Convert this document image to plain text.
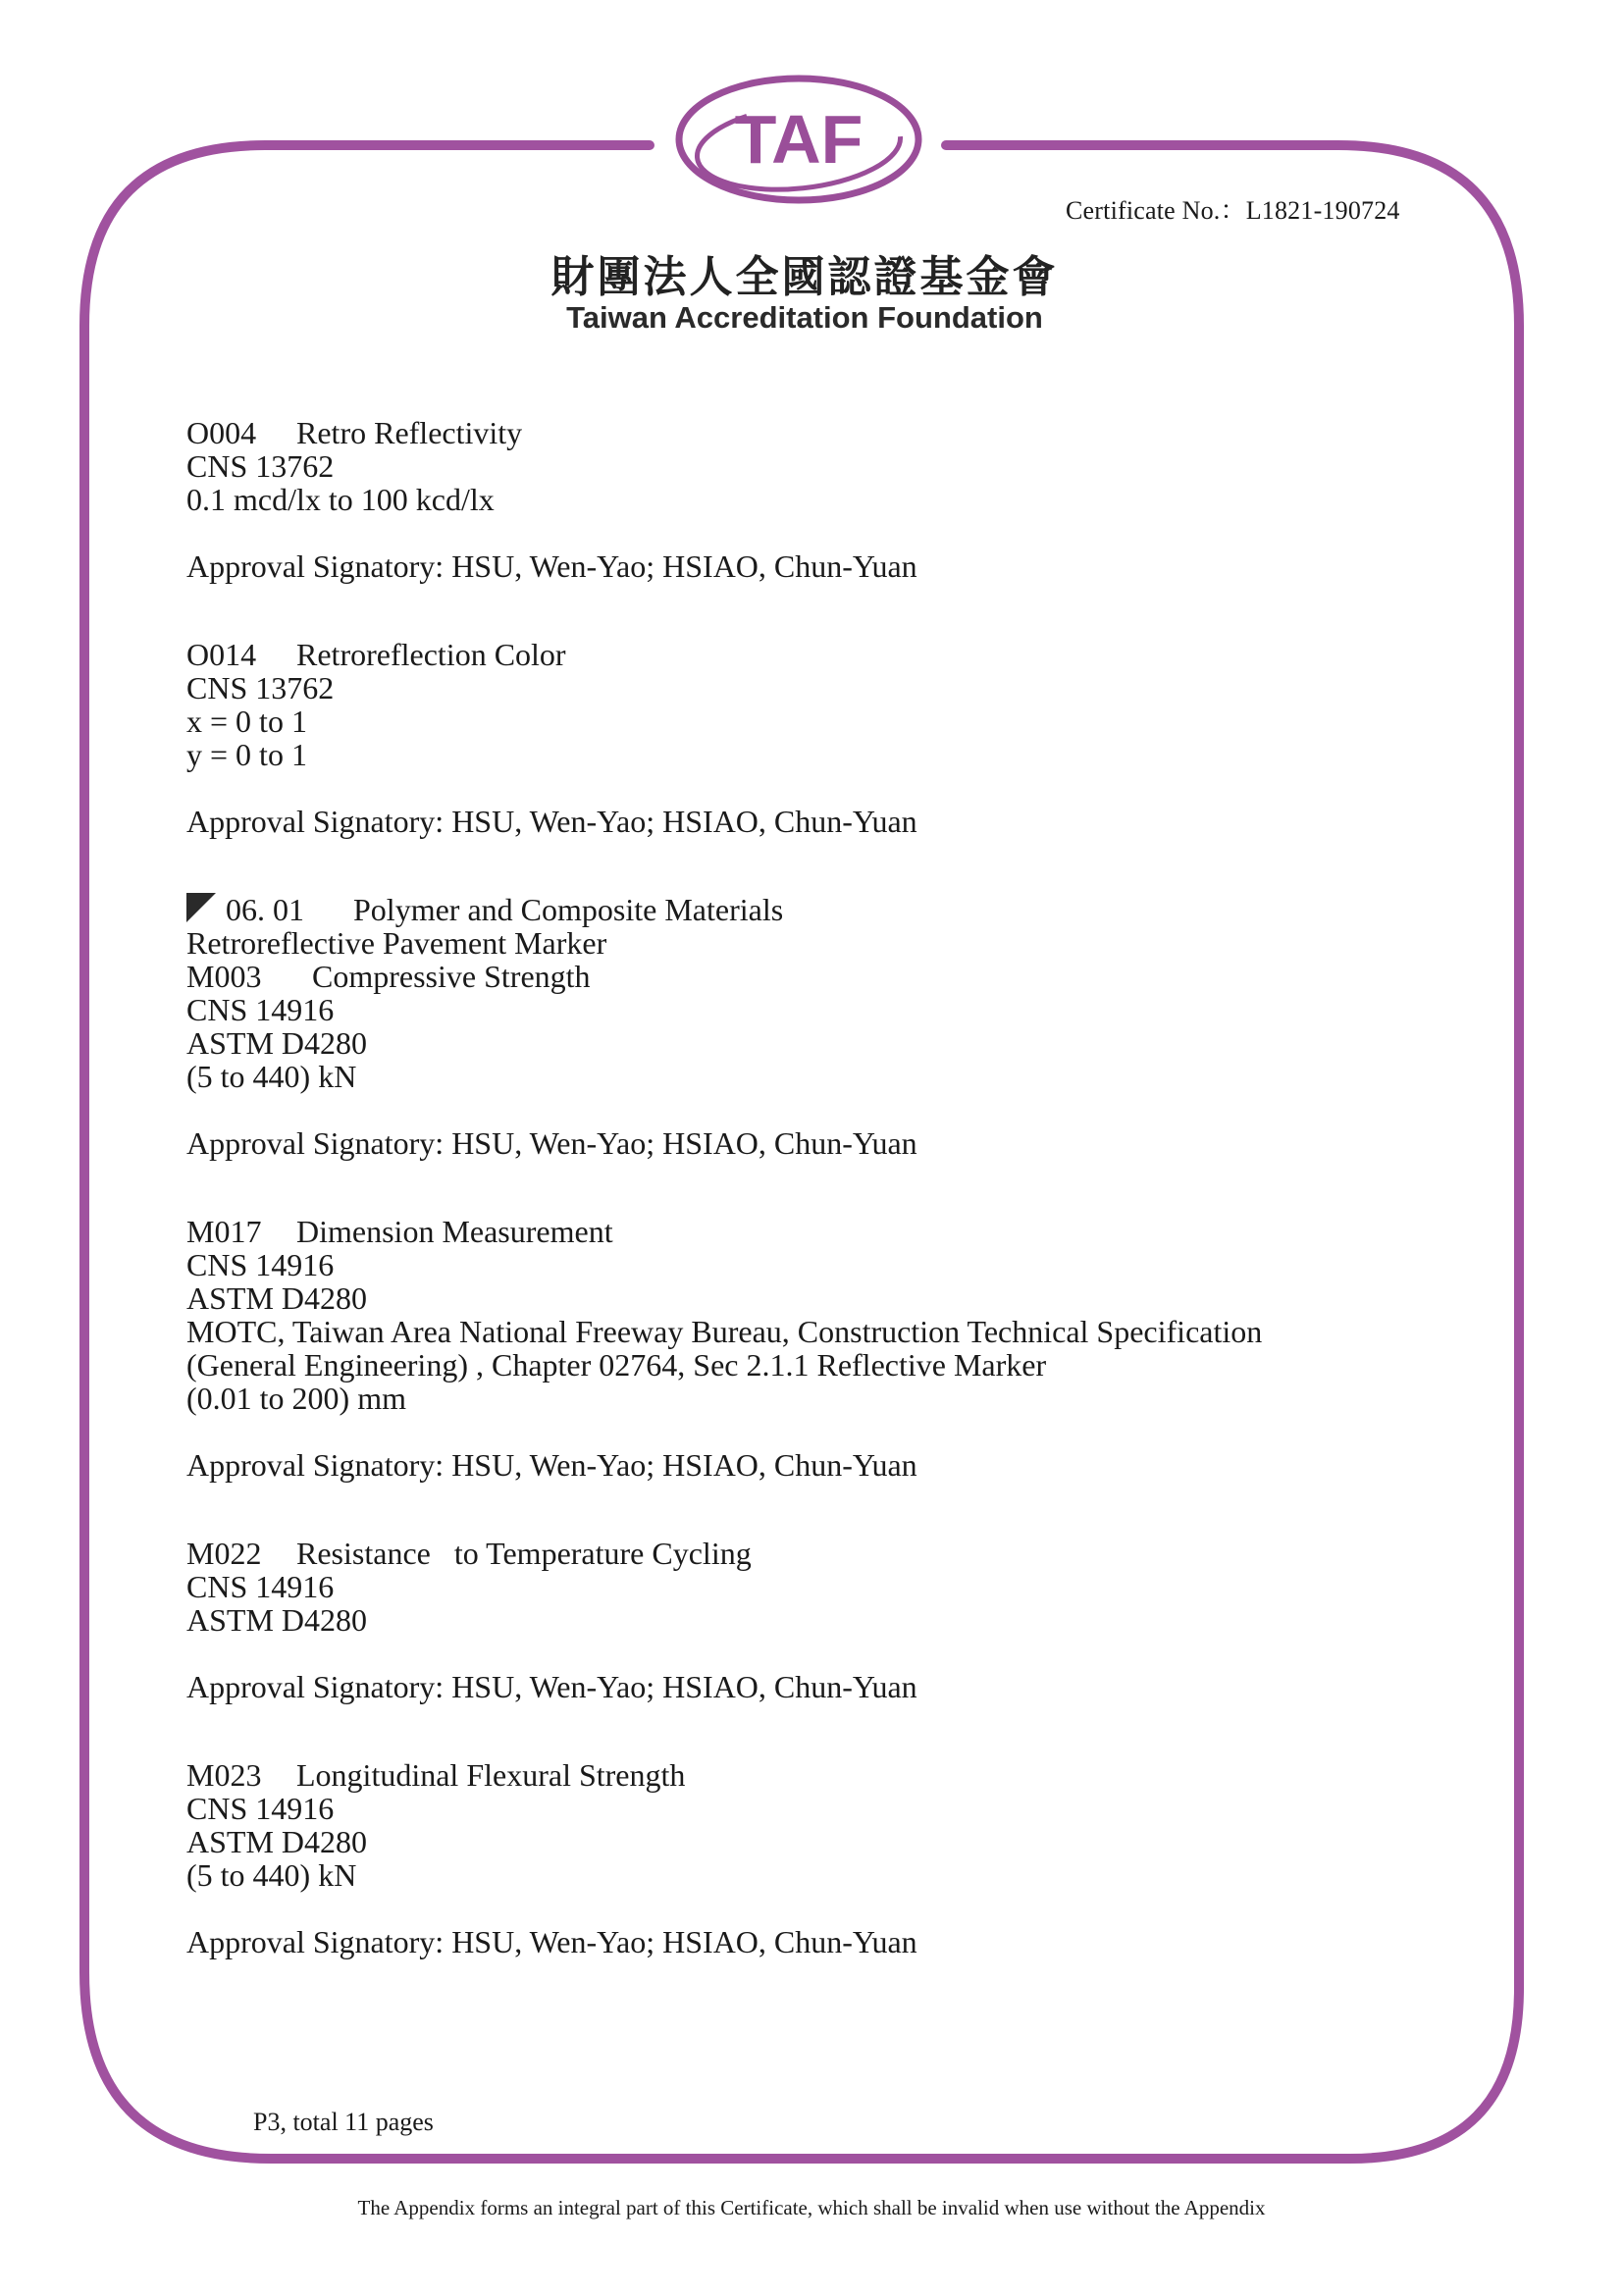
TAF
Certificate No.：L1821-190724
財團法人全國認證基金會
Taiwan Accreditation Foundation
O004 Retro Reflectivity
CNS 13762
0.1 mcd/lx to 100 kcd/lx
Approval Signatory: HSU, Wen-Yao; HSIAO, Chun-Yuan
O014 Retroreflection Color
CNS 13762
x = 0 to 1
y = 0 to 1
Approval Signatory: HSU, Wen-Yao; HSIAO, Chun-Yuan
06. 01 Polymer and Composite Materials
Retroreflective Pavement Marker
M003 Compressive Strength
CNS 14916
ASTM D4280
(5 to 440) kN
Approval Signatory: HSU, Wen-Yao; HSIAO, Chun-Yuan
M017 Dimension Measurement
CNS 14916
ASTM D4280
MOTC, Taiwan Area National Freeway Bureau, Construction Technical Specification
(General Engineering) , Chapter 02764, Sec 2.1.1 Reflective Marker
(0.01 to 200) mm
Approval Signatory: HSU, Wen-Yao; HSIAO, Chun-Yuan
M022 Resistance   to Temperature Cycling
CNS 14916
ASTM D4280
Approval Signatory: HSU, Wen-Yao; HSIAO, Chun-Yuan
M023 Longitudinal Flexural Strength
CNS 14916
ASTM D4280
(5 to 440) kN
Approval Signatory: HSU, Wen-Yao; HSIAO, Chun-Yuan
P3, total 11 pages
The Appendix forms an integral part of this Certificate, which shall be invalid when use without the Appendix
